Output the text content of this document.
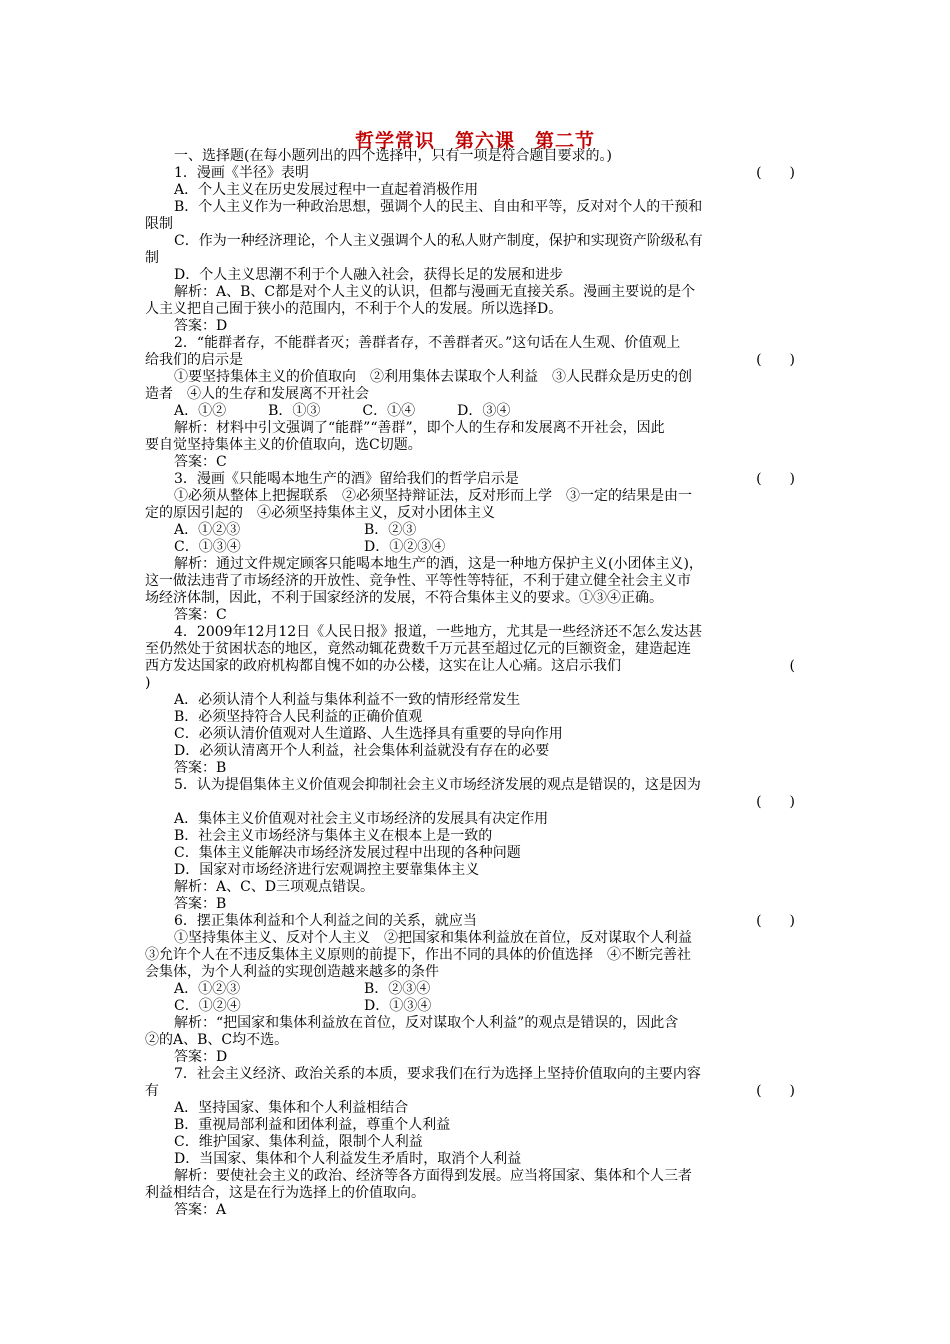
哲学常识　第六课　第二节
一、选择题(在每小题列出的四个选择中，只有一项是符合题目要求的。)
1．漫画《半径》表明	(　　)
A．个人主义在历史发展过程中一直起着消极作用
B．个人主义作为一种政治思想，强调个人的民主、自由和平等，反对对个人的干预和
限制
C．作为一种经济理论，个人主义强调个人的私人财产制度，保护和实现资产阶级私有
制
D．个人主义思潮不利于个人融入社会，获得长足的发展和进步
解析：A、B、C都是对个人主义的认识，但都与漫画无直接关系。漫画主要说的是个
人主义把自己囿于狭小的范围内，不利于个人的发展。所以选择D。
答案：D
2．“能群者存，不能群者灭；善群者存，不善群者灭。”这句话在人生观、价值观上
给我们的启示是	(　　)
①要坚持集体主义的价值取向　②利用集体去谋取个人利益　③人民群众是历史的创
造者　④人的生存和发展离不开社会
A．①②　　　B．①③　　　C．①④　　　D．③④
解析：材料中引文强调了“能群”“善群”，即个人的生存和发展离不开社会，因此
要自觉坚持集体主义的价值取向，选C切题。
答案：C
3．漫画《只能喝本地生产的酒》留给我们的哲学启示是	(　　)
①必须从整体上把握联系　②必须坚持辩证法，反对形而上学　③一定的结果是由一
定的原因引起的　④必须坚持集体主义，反对小团体主义
A．①②③	B．②③
C．①③④	D．①②③④
解析：通过文件规定顾客只能喝本地生产的酒，这是一种地方保护主义(小团体主义)，
这一做法违背了市场经济的开放性、竞争性、平等性等特征，不利于建立健全社会主义市
场经济体制，因此，不利于国家经济的发展，不符合集体主义的要求。①③④正确。
答案：C
4．2009年12月12日《人民日报》报道，一些地方，尤其是一些经济还不怎么发达甚
至仍然处于贫困状态的地区，竟然动辄花费数千万元甚至超过亿元的巨额资金，建造起连
西方发达国家的政府机构都自愧不如的办公楼，这实在让人心痛。这启示我们	(
)
A．必须认清个人利益与集体利益不一致的情形经常发生
B．必须坚持符合人民利益的正确价值观
C．必须认清价值观对人生道路、人生选择具有重要的导向作用
D．必须认清离开个人利益，社会集体利益就没有存在的必要
答案：B
5．认为提倡集体主义价值观会抑制社会主义市场经济发展的观点是错误的，这是因为
(　　)
A．集体主义价值观对社会主义市场经济的发展具有决定作用
B．社会主义市场经济与集体主义在根本上是一致的
C．集体主义能解决市场经济发展过程中出现的各种问题
D．国家对市场经济进行宏观调控主要靠集体主义
解析：A、C、D三项观点错误。
答案：B
6．摆正集体利益和个人利益之间的关系，就应当	(　　)
①坚持集体主义、反对个人主义　②把国家和集体利益放在首位，反对谋取个人利益
③允许个人在不违反集体主义原则的前提下，作出不同的具体的价值选择　④不断完善社
会集体，为个人利益的实现创造越来越多的条件
A．①②③	B．②③④
C．①②④	D．①③④
解析：“把国家和集体利益放在首位，反对谋取个人利益”的观点是错误的，因此含
②的A、B、C均不选。
答案：D
7．社会主义经济、政治关系的本质，要求我们在行为选择上坚持价值取向的主要内容
有	(　　)
A．坚持国家、集体和个人利益相结合
B．重视局部利益和团体利益，尊重个人利益
C．维护国家、集体利益，限制个人利益
D．当国家、集体和个人利益发生矛盾时，取消个人利益
解析：要使社会主义的政治、经济等各方面得到发展。应当将国家、集体和个人三者
利益相结合，这是在行为选择上的价值取向。
答案：A
